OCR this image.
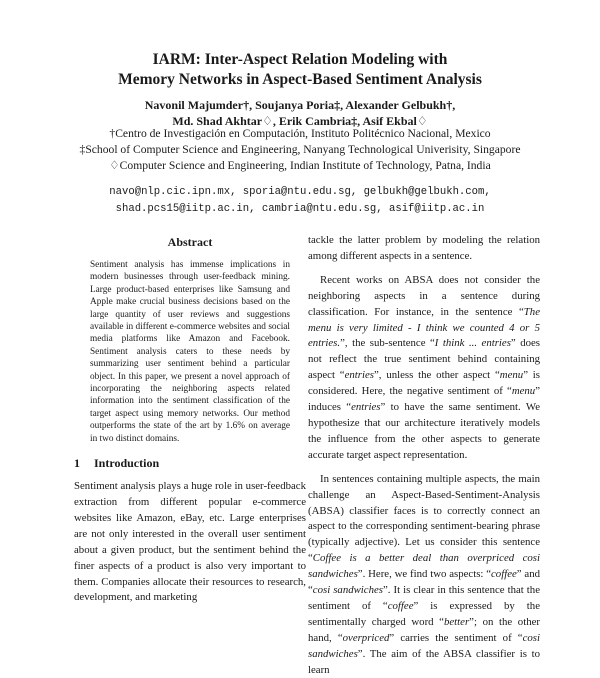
IARM: Inter-Aspect Relation Modeling with
Memory Networks in Aspect-Based Sentiment Analysis
Navonil Majumder†, Soujanya Poria‡, Alexander Gelbukh†,
Md. Shad Akhtar♢, Erik Cambria‡, Asif Ekbal♢
†Centro de Investigación en Computación, Instituto Politécnico Nacional, Mexico
‡School of Computer Science and Engineering, Nanyang Technological Univerisity, Singapore
♢Computer Science and Engineering, Indian Institute of Technology, Patna, India
navo@nlp.cic.ipn.mx, sporia@ntu.edu.sg, gelbukh@gelbukh.com,
shad.pcs15@iitp.ac.in, cambria@ntu.edu.sg, asif@iitp.ac.in
Abstract

Sentiment analysis has immense implications in modern businesses through user-feedback mining. Large product-based enterprises like Samsung and Apple make crucial business decisions based on the large quantity of user reviews and suggestions available in different e-commerce websites and social media platforms like Amazon and Facebook. Sentiment analysis caters to these needs by summarizing user sentiment behind a particular object. In this paper, we present a novel approach of incorporating the neighboring aspects related information into the sentiment classification of the target aspect using memory networks. Our method outperforms the state of the art by 1.6% on average in two distinct domains.

1 Introduction

Sentiment analysis plays a huge role in user-feedback extraction from different popular e-commerce websites like Amazon, eBay, etc. Large enterprises are not only interested in the overall user sentiment about a given product, but the sentiment behind the finer aspects of a product is also very important to them. Companies allocate their resources to research, development, and marketing

tackle the latter problem by modeling the relation among different aspects in a sentence.

Recent works on ABSA does not consider the neighboring aspects in a sentence during classification. For instance, in the sentence “The menu is very limited - I think we counted 4 or 5 entries.”, the sub-sentence “I think ... entries” does not reflect the true sentiment behind containing aspect “entries”, unless the other aspect “menu” is considered. Here, the negative sentiment of “menu” induces “entries” to have the same sentiment. We hypothesize that our architecture iteratively models the influence from the other aspects to generate accurate target aspect representation.

In sentences containing multiple aspects, the main challenge an Aspect-Based-Sentiment-Analysis (ABSA) classifier faces is to correctly connect an aspect to the corresponding sentiment-bearing phrase (typically adjective). Let us consider this sentence “Coffee is a better deal than overpriced cosi sandwiches”. Here, we find two aspects: “coffee” and “cosi sandwiches”. It is clear in this sentence that the sentiment of “coffee” is expressed by the sentimentally charged word “better”; on the other hand, “overpriced” carries the sentiment of “cosi sandwiches”. The aim of the ABSA classifier is to learn
